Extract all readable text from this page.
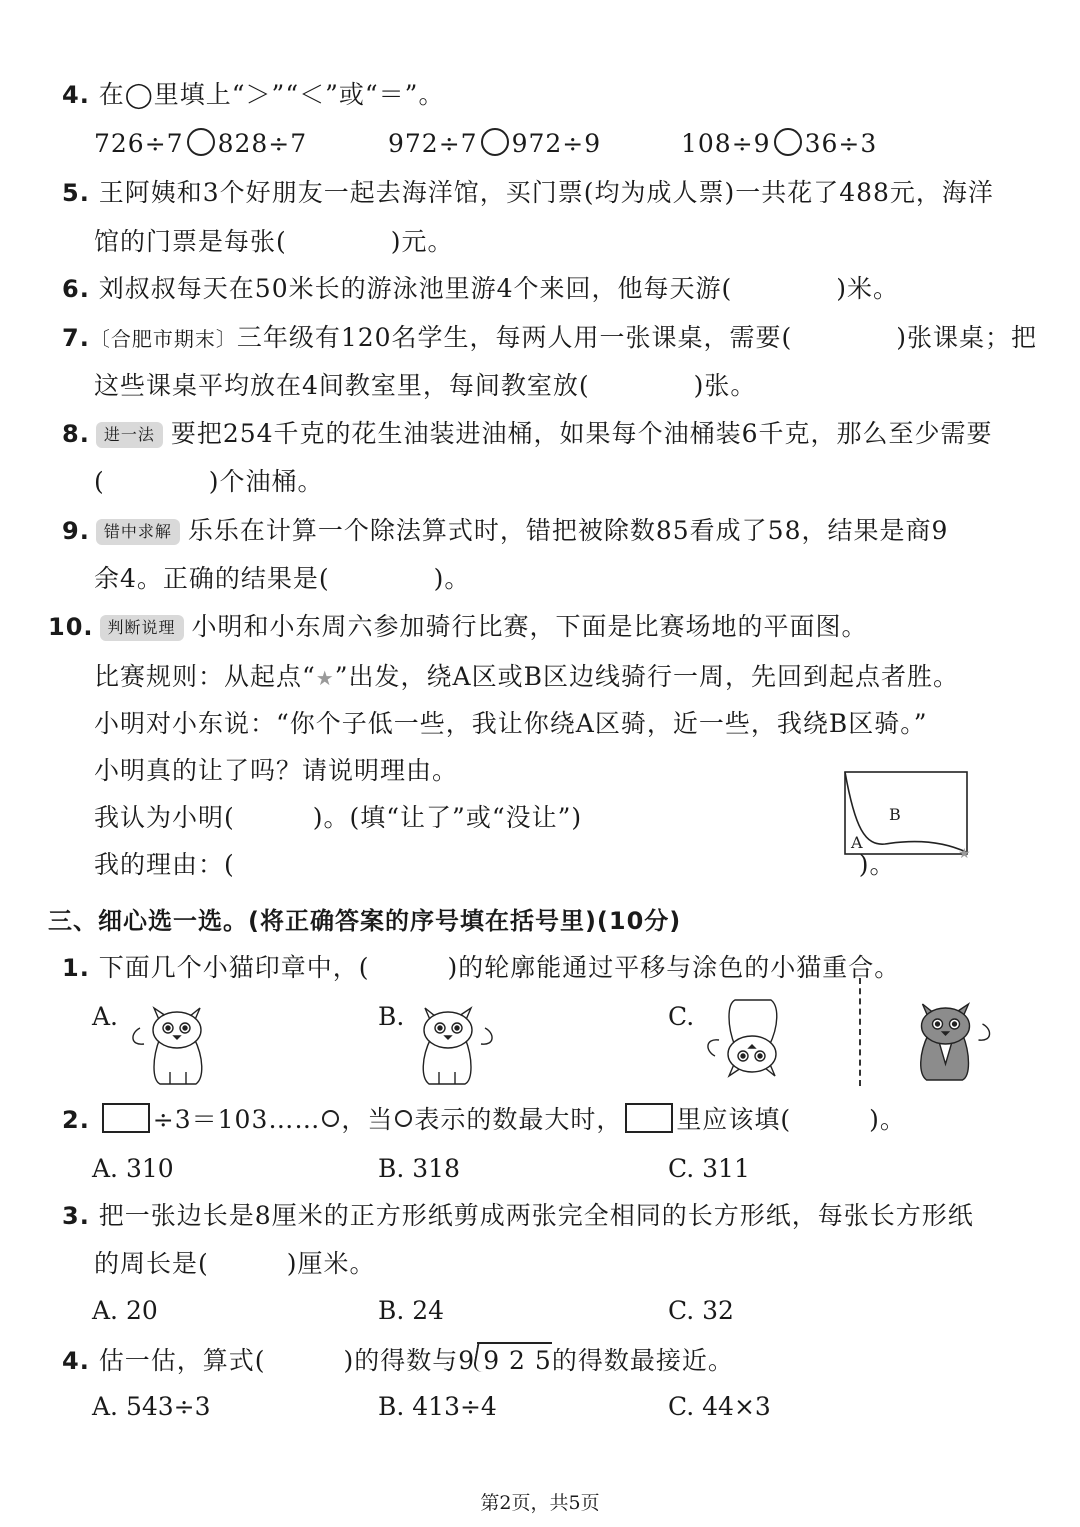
4. 在◯里填上“＞”“＜”或“＝”。
726÷7 828÷7	972÷7 972÷9	108÷9 36÷3
5. 王阿姨和3个好朋友一起去海洋馆，买门票(均为成人票)一共花了488元，海洋
馆的门票是每张(　　　　)元。
6. 刘叔叔每天在50米长的游泳池里游4个来回，他每天游(　　　　)米。
7.〔合肥市期末〕三年级有120名学生，每两人用一张课桌，需要(　　　　)张课桌；把
这些课桌平均放在4间教室里，每间教室放(　　　　)张。
8. 进一法 要把254千克的花生油装进油桶，如果每个油桶装6千克，那么至少需要
(　　　　)个油桶。
9. 错中求解 乐乐在计算一个除法算式时，错把被除数85看成了58，结果是商9
余4。正确的结果是(　　　　)。
10. 判断说理 小明和小东周六参加骑行比赛，下面是比赛场地的平面图。
比赛规则：从起点“★”出发，绕A区或B区边线骑行一周，先回到起点者胜。
小明对小东说：“你个子低一些，我让你绕A区骑，近一些，我绕B区骑。”
小明真的让了吗？请说明理由。
我认为小明(　　　)。(填“让了”或“没让”)
我的理由：(　　　　　　　　　　　　　　　　　　　　　　　　)。
A
B
★
三、细心选一选。(将正确答案的序号填在括号里)(10分)
1. 下面几个小猫印章中，(　　　)的轮廓能通过平移与涂色的小猫重合。
A.	B.	C.
2.	÷3＝103…… ，当 表示的数最大时， 里应该填(　　　)。
A. 310	B. 318	C. 311
3. 把一张边长是8厘米的正方形纸剪成两张完全相同的长方形纸，每张长方形纸
的周长是(　　　)厘米。
A. 20	B. 24	C. 32
4. 估一估，算式(　　　)的得数与9 9 2 5的得数最接近。
A. 543÷3	B. 413÷4	C. 44×3
第2页，共5页
